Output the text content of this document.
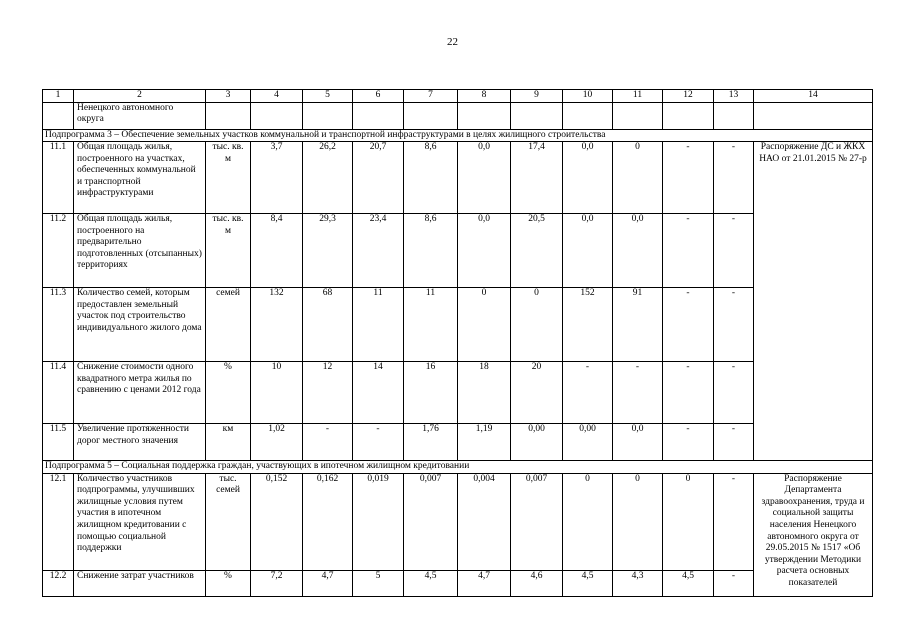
22
1	2	3	4	5	6	7	8	9	10	11	12	13	14
	Ненецкого автономного округа												
Подпрограмма 3 – Обеспечение земельных участков коммунальной и транспортной инфраструктурами в целях жилищного строительства													
11.1	Общая площадь жилья, построенного на участках, обеспеченных коммунальной и транспортной инфраструктурами	тыс. кв. м	3,7	26,2	20,7	8,6	0,0	17,4	0,0	0	-	-	Распоряжение ДС и ЖКХ НАО от 21.01.2015 № 27-р
11.2	Общая площадь жилья, построенного на предварительно подготовленных (отсыпанных) территориях	тыс. кв. м	8,4	29,3	23,4	8,6	0,0	20,5	0,0	0,0	-	-	
11.3	Количество семей, которым предоставлен земельный участок под строительство индивидуального жилого дома	семей	132	68	11	11	0	0	152	91	-	-	
11.4	Снижение стоимости одного квадратного метра жилья по сравнению с ценами 2012 года	%	10	12	14	16	18	20	-	-	-	-	
11.5	Увеличение протяженности дорог местного значения	км	1,02	-	-	1,76	1,19	0,00	0,00	0,0	-	-	
Подпрограмма 5 – Социальная поддержка граждан, участвующих в ипотечном жилищном кредитовании													
12.1	Количество участников подпрограммы, улучшивших жилищные условия путем участия в ипотечном жилищном кредитовании с помощью социальной поддержки	тыс. семей	0,152	0,162	0,019	0,007	0,004	0,007	0	0	0	-	Распоряжение Департамента здравоохранения, труда и социальной защиты населения Ненецкого автономного округа от 29.05.2015 № 1517 «Об утверждении Методики расчета основных показателей
12.2	Снижение затрат участников	%	7,2	4,7	5	4,5	4,7	4,6	4,5	4,3	4,5	-	
